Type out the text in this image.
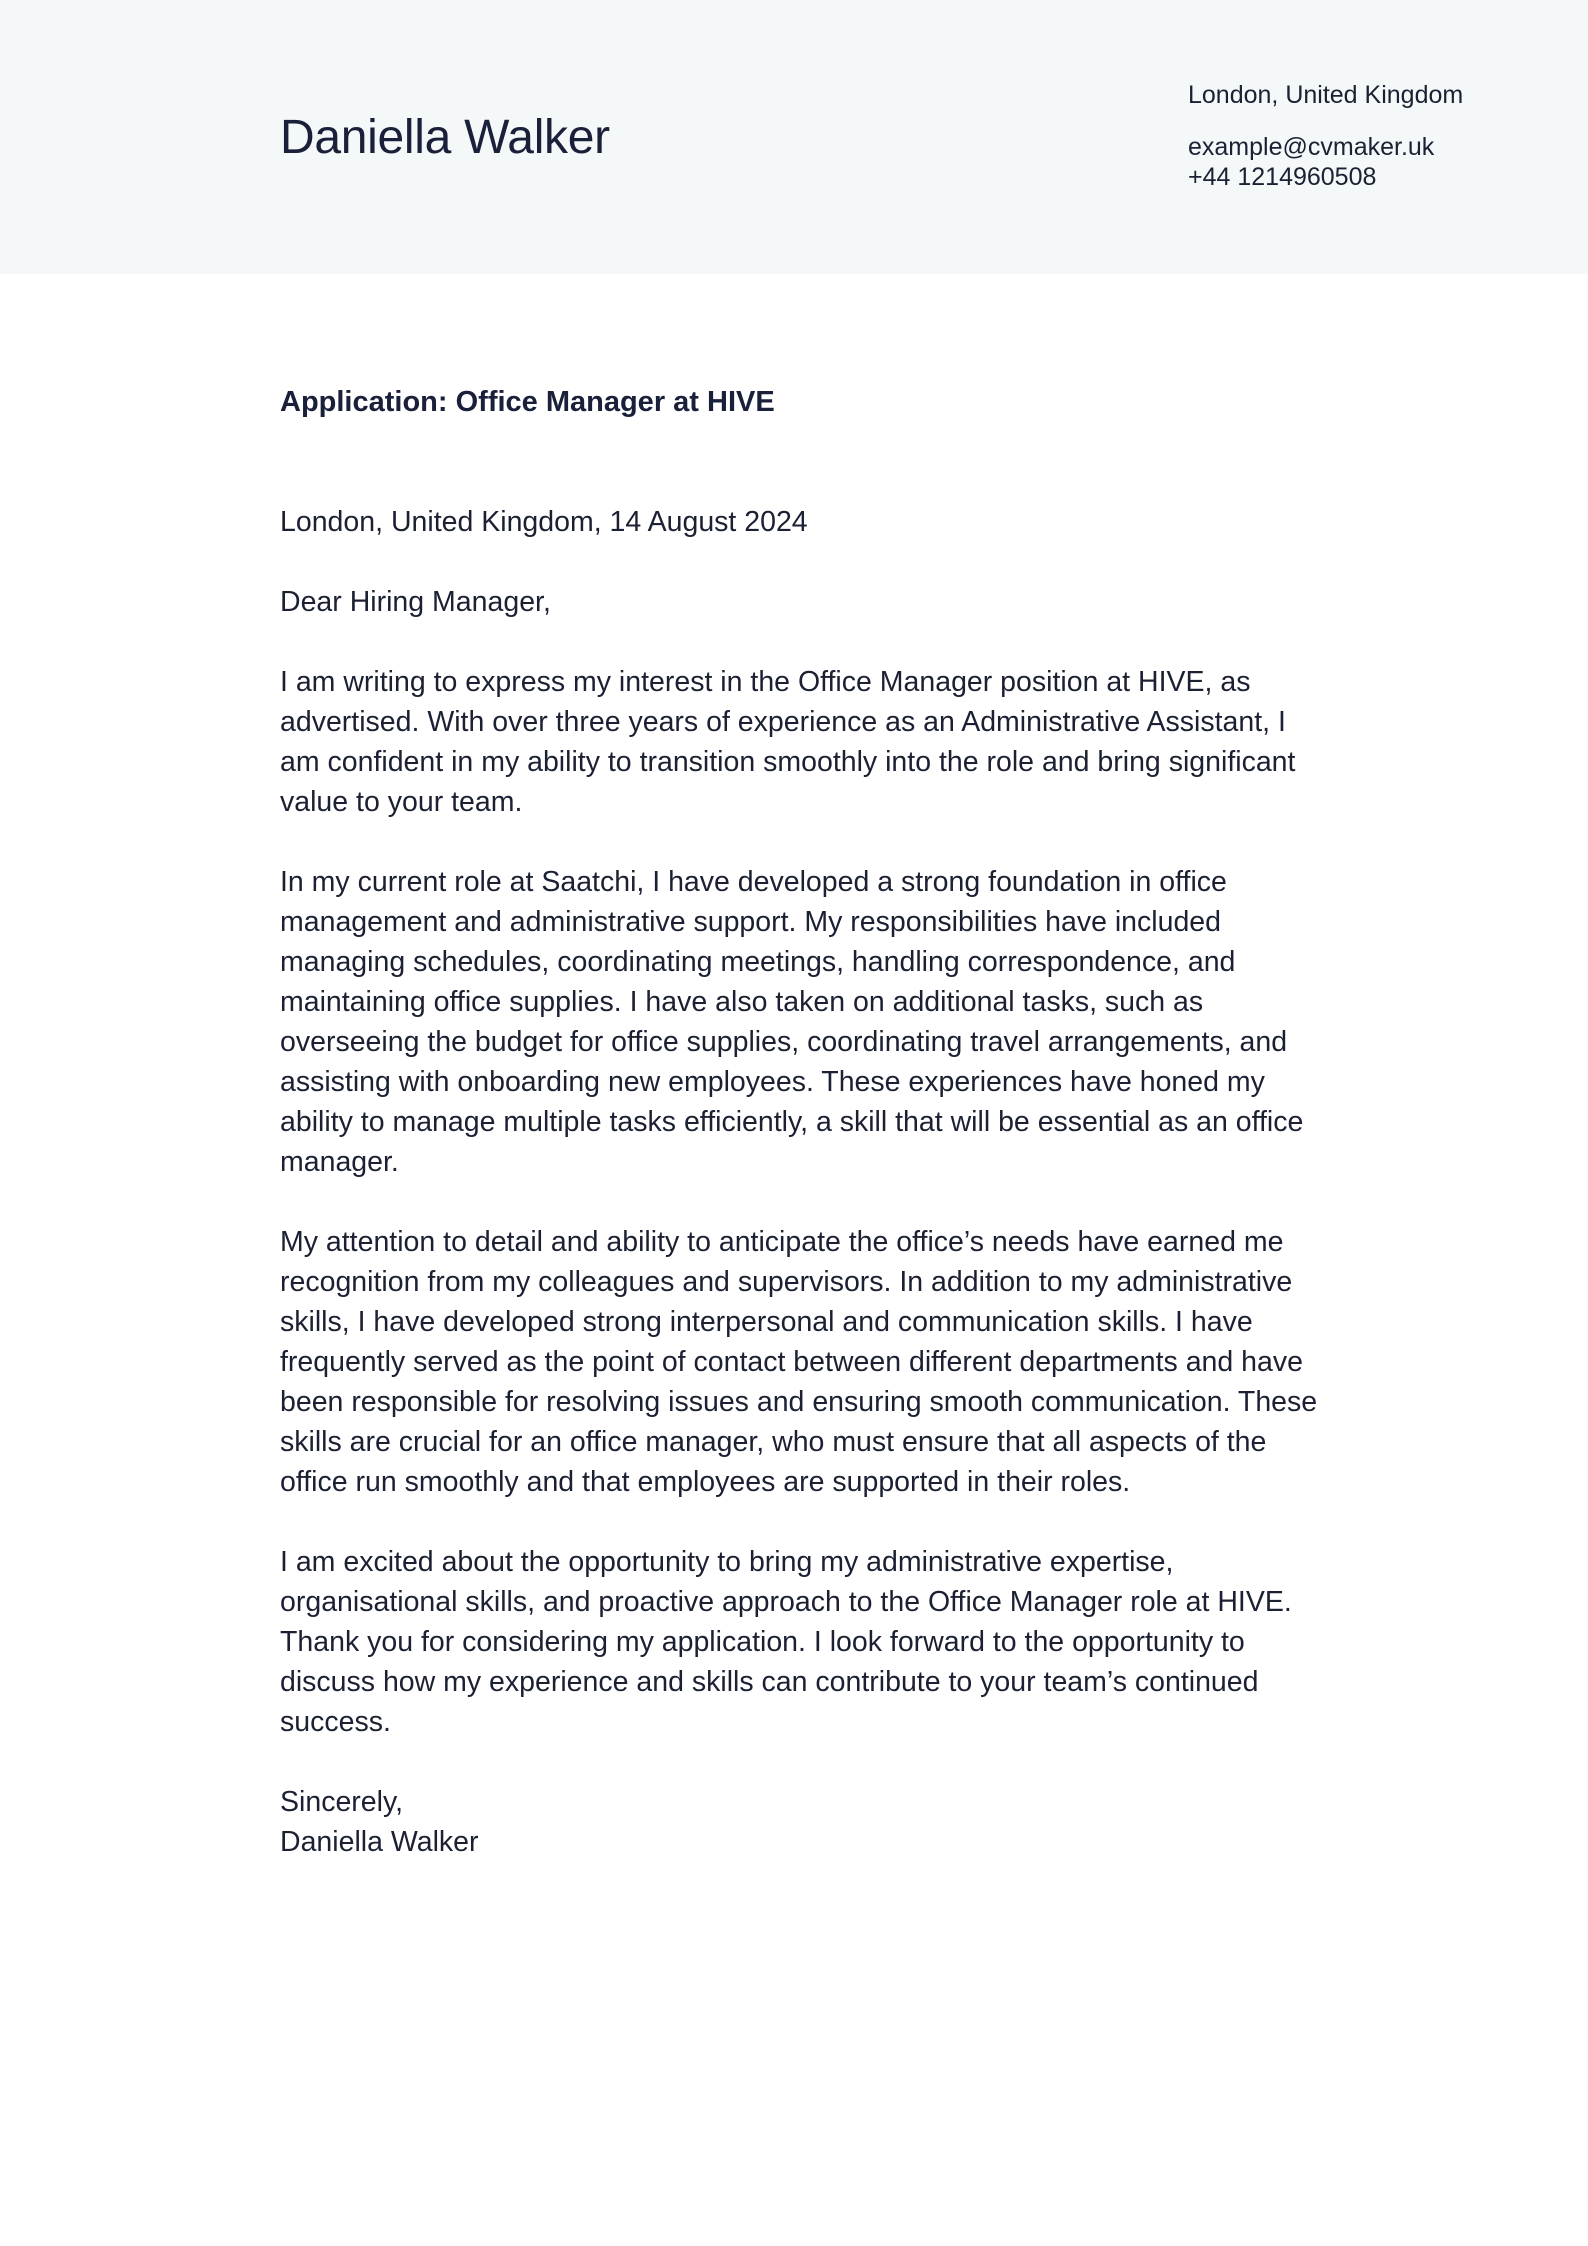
Daniella Walker
London, United Kingdom
example@cvmaker.uk
+44 1214960508
Application: Office Manager at HIVE

London, United Kingdom, 14 August 2024

Dear Hiring Manager,

I am writing to express my interest in the Office Manager position at HIVE, as advertised. With over three years of experience as an Administrative Assistant, I am confident in my ability to transition smoothly into the role and bring significant value to your team.

In my current role at Saatchi, I have developed a strong foundation in office management and administrative support. My responsibilities have included managing schedules, coordinating meetings, handling correspondence, and maintaining office supplies. I have also taken on additional tasks, such as overseeing the budget for office supplies, coordinating travel arrangements, and assisting with onboarding new employees. These experiences have honed my ability to manage multiple tasks efficiently, a skill that will be essential as an office manager.

My attention to detail and ability to anticipate the office’s needs have earned me recognition from my colleagues and supervisors. In addition to my administrative skills, I have developed strong interpersonal and communication skills. I have frequently served as the point of contact between different departments and have been responsible for resolving issues and ensuring smooth communication. These skills are crucial for an office manager, who must ensure that all aspects of the office run smoothly and that employees are supported in their roles.

I am excited about the opportunity to bring my administrative expertise, organisational skills, and proactive approach to the Office Manager role at HIVE. Thank you for considering my application. I look forward to the opportunity to discuss how my experience and skills can contribute to your team’s continued success.

Sincerely,

Daniella Walker
